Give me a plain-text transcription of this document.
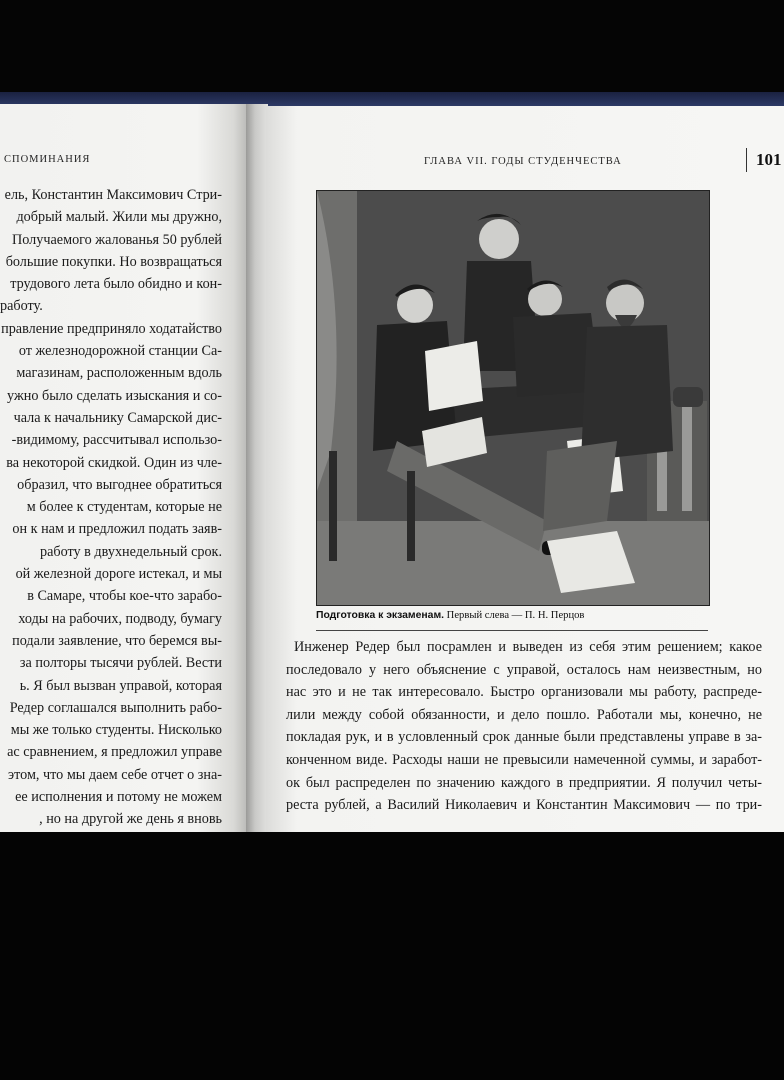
СПОМИНАНИЯ
ель, Константин Максимович Стри-
добрый малый. Жили мы дружно,
Получаемого жалованья 50 рублей
большие покупки. Но возвращаться
трудового лета было обидно и кон-
работу.
правление предприняло ходатайство
от железнодорожной станции Са-
магазинам, расположенным вдоль
ужно было сделать изыскания и со-
чала к начальнику Самарской дис-
-видимому, рассчитывал использо-
ва некоторой скидкой. Один из чле-
образил, что выгоднее обратиться
м более к студентам, которые не
он к нам и предложил подать заяв-
работу в двухнедельный срок.
ой железной дороге истекал, и мы
в Самаре, чтобы кое-что зарабо-
ходы на рабочих, подводу, бумагу
подали заявление, что беремся вы-
за полторы тысячи рублей. Вести
ь. Я был вызван управой, которая
Редер соглашался выполнить рабо-
мы же только студенты. Нисколько
ас сравнением, я предложил управе
этом, что мы даем себе отчет о зна-
ее исполнения и потому не можем
, но на другой же день я вновь
ГЛАВА VII. ГОДЫ СТУДЕНЧЕСТВА	101
Подготовка к экзаменам. Первый слева — П. Н. Перцов
Инженер Редер был посрамлен и выведен из себя этим решением; какое
последовало у него объяснение с управой, осталось нам неизвестным, но
нас это и не так интересовало. Быстро организовали мы работу, распреде-
лили между собой обязанности, и дело пошло. Работали мы, конечно, не
покладая рук, и в условленный срок данные были представлены управе в за-
конченном виде. Расходы наши не превысили намеченной суммы, и заработ-
ок был распределен по значению каждого в предприятии. Я получил четы-
реста рублей, а Василий Николаевич и Константин Максимович — по три-
